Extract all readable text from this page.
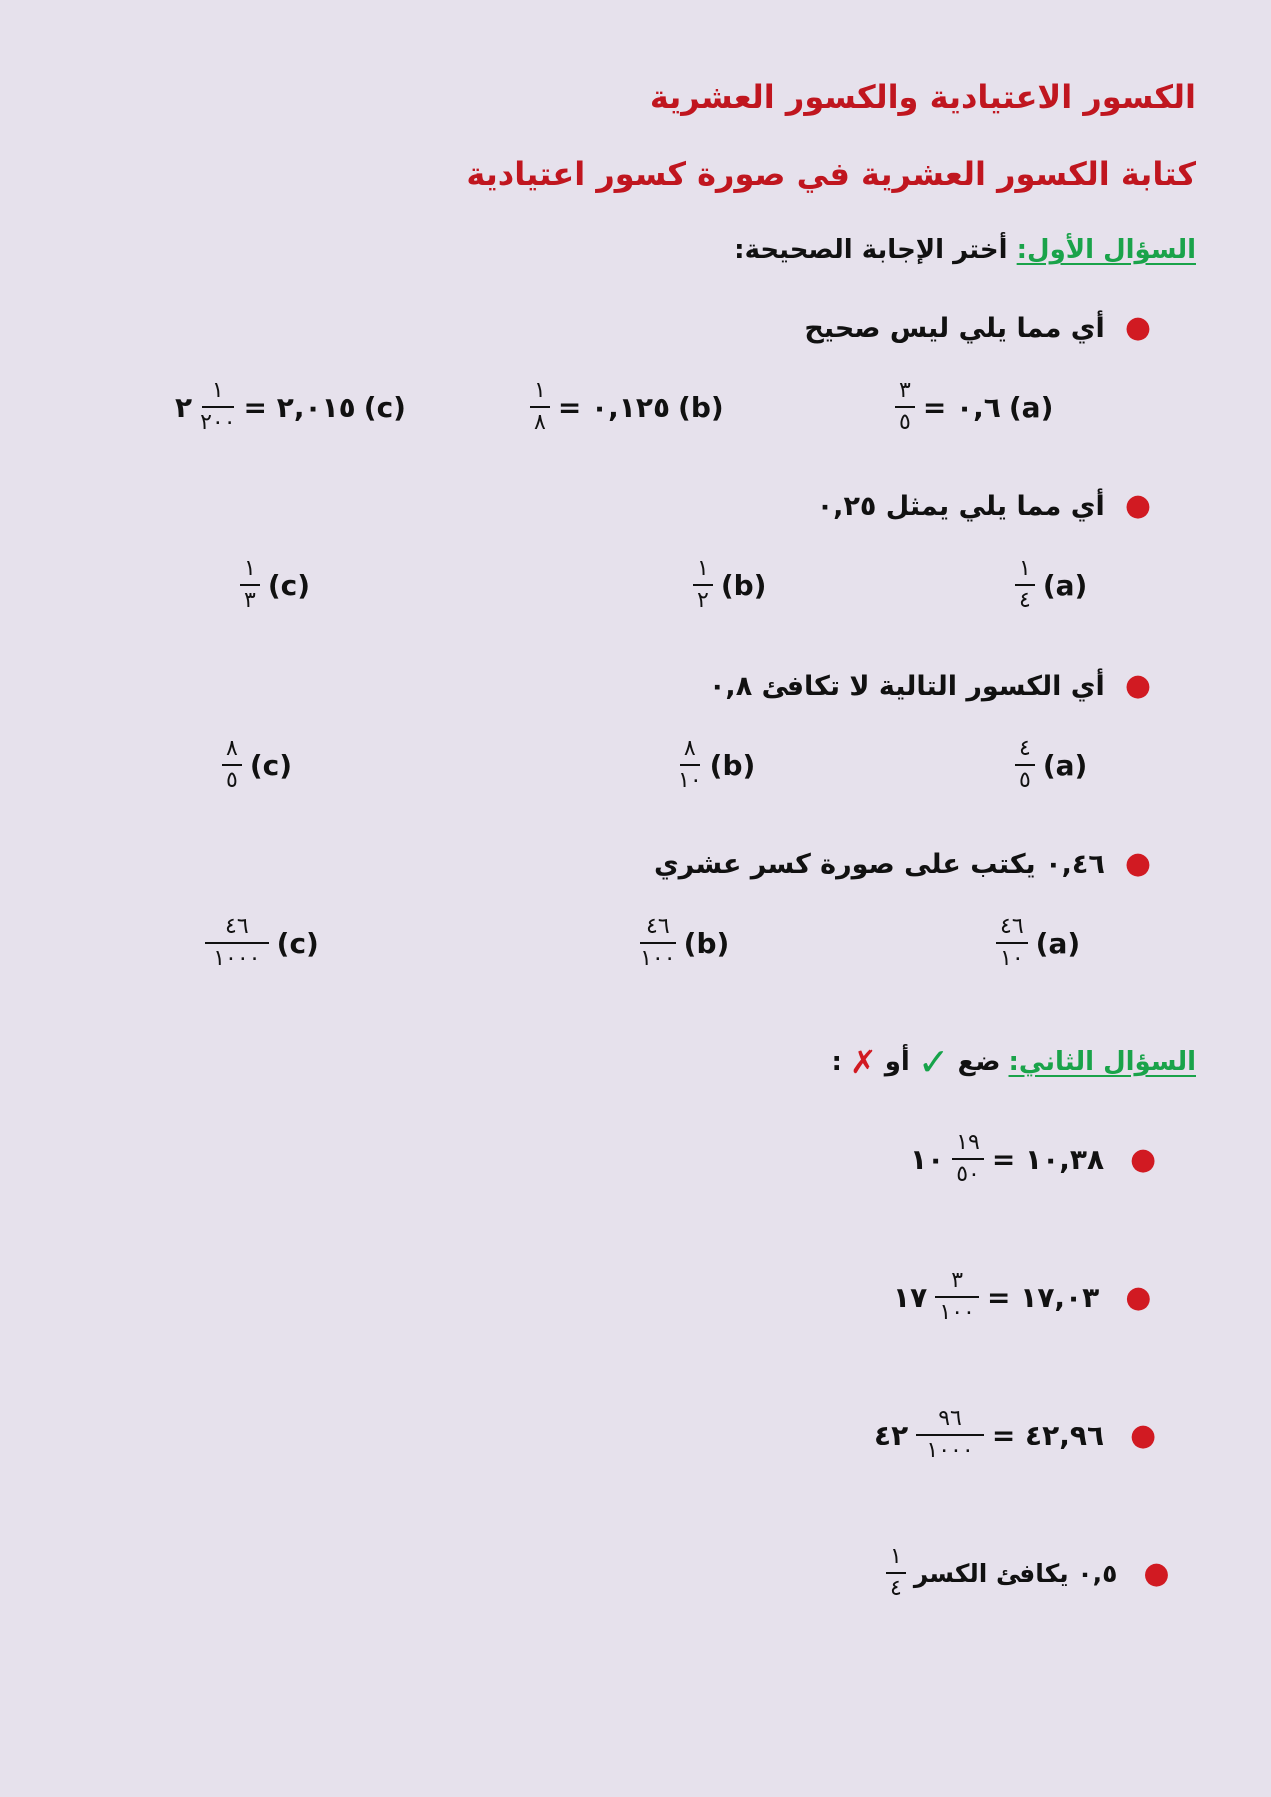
الكسور الاعتيادية والكسور العشرية
كتابة الكسور العشرية في صورة كسور اعتيادية
السؤال الأول: أختر الإجابة الصحيحة:
●أي مما يلي ليس صحيح
$\frac{٣}{٥}$ ٠,٦ = (a)
$\frac{١}{٨}$ ٠,١٢٥ = (b)
٢ $\frac{١}{٢٠٠}$ ٢,٠١٥ = (c)
●أي مما يلي يمثل ٠,٢٥
$\frac{١}{٤} (a)$
$\frac{١}{٢} (b)$
$\frac{١}{٣} (c)$
●أي الكسور التالية لا تكافئ ٠,٨
$\frac{٤}{٥} (a)$
$\frac{٨}{١٠} (b)$
$\frac{٨}{٥} (c)$
●٠,٤٦ يكتب على صورة كسر عشري
$\frac{٤٦}{١٠} (a)$
$\frac{٤٦}{١٠٠} (b)$
$\frac{٤٦}{١٠٠٠} (c)$
السؤال الثاني:
ضع
✓
أو
✗
:
١٠ $\frac{١٩}{٥٠}$ ١٠,٣٨ = ●
١٧ $\frac{٣}{١٠٠}$ ١٧,٠٣ = ●
٤٢ $\frac{٩٦}{١٠٠٠}$ ٤٢,٩٦ = ●
$\frac{١}{٤}$ ٠,٥ يكافئ الكسر ●
